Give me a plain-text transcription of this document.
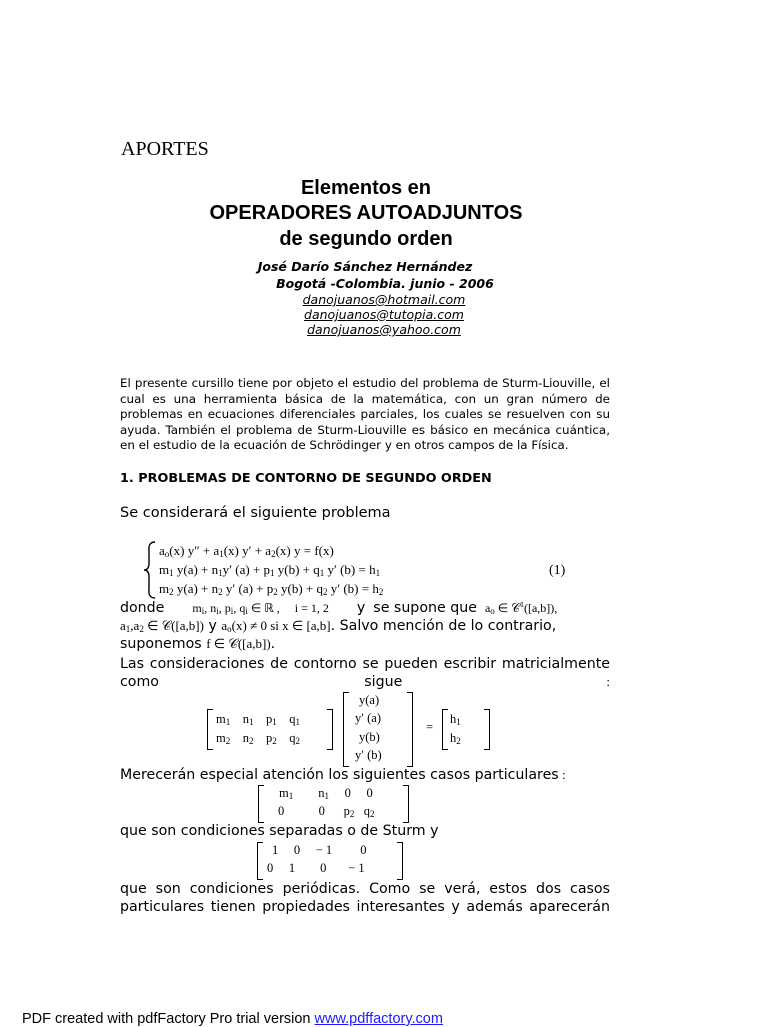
APORTES
Elementos en
OPERADORES AUTOADJUNTOS
de segundo orden
José Darío Sánchez Hernández
Bogotá -Colombia. junio - 2006
danojuanos@hotmail.com
danojuanos@tutopia.com
danojuanos@yahoo.com
El presente cursillo tiene por objeto el estudio del problema de Sturm-Liouville, el cual es una herramienta básica de la matemática, con un gran número de problemas en ecuaciones diferenciales parciales, los cuales se resuelven con su ayuda. También el problema de Sturm-Liouville es básico en mecánica cuántica, en el estudio de la ecuación de Schrödinger y en otros campos de la Física.
1. PROBLEMAS DE CONTORNO DE SEGUNDO ORDEN
Se considerará el siguiente problema
$a_o(x) y'' + a_1(x) y' + a_2(x) y = f(x)$
$m_1$ $y(a) + n_1y'$ $(a) + p_1$ $y(b) + q_1$ y′ $(b) = h_1$
$m_2$ $y(a) + n_2$ y′ $(a) + p_2$ $y(b) + q_2$ y′ $(b) = h_2$
(1)
donde $m_i$, $n_i$, $p_i$, $q_i$ ∈ ℝ ,     i = 1, 2 y se supone que $a_o$ ∈ 𝒞$^1$([a,b]),
$a_1,a_2$ ∈ 𝒞([a,b]) y $a_o(x) \ne 0$ si x ∈ [a,b]. Salvo mención de lo contrario,
suponemos f ∈ 𝒞([a,b]).
Las consideraciones de contorno se pueden escribir matricialmente como sigue :
$m_1$    $n_1$    $p_1$    $q_1$
$m_2$    $n_2$    $p_2$    $q_2$
y(a)
y′ (a)
y(b)
y′ (b)
=
$h_1$
$h_2$
Merecerán especial atención los siguientes casos particulares :
$m_1$        $n_1$     0     0
0           0      $p_2$   $q_2$
que son condiciones separadas o de Sturm y
1     0     − 1         0
0     1        0       − 1
que son condiciones periódicas. Como se verá, estos dos casos
particulares tienen propiedades interesantes y además aparecerán
PDF created with pdfFactory Pro trial version www.pdffactory.com
